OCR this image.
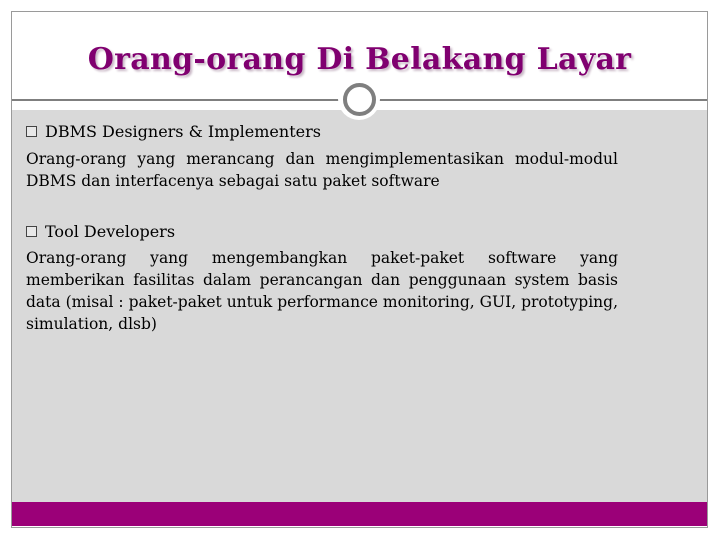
Orang-orang Di Belakang Layar
DBMS Designers & Implementers
Orang-orang yang merancang dan mengimplementasikan modul-modul DBMS dan interfacenya sebagai satu paket software
Tool Developers
Orang-orang yang mengembangkan paket-paket software yang memberikan fasilitas dalam perancangan dan penggunaan system basis data (misal : paket-paket untuk performance monitoring, GUI, prototyping, simulation, dlsb)
